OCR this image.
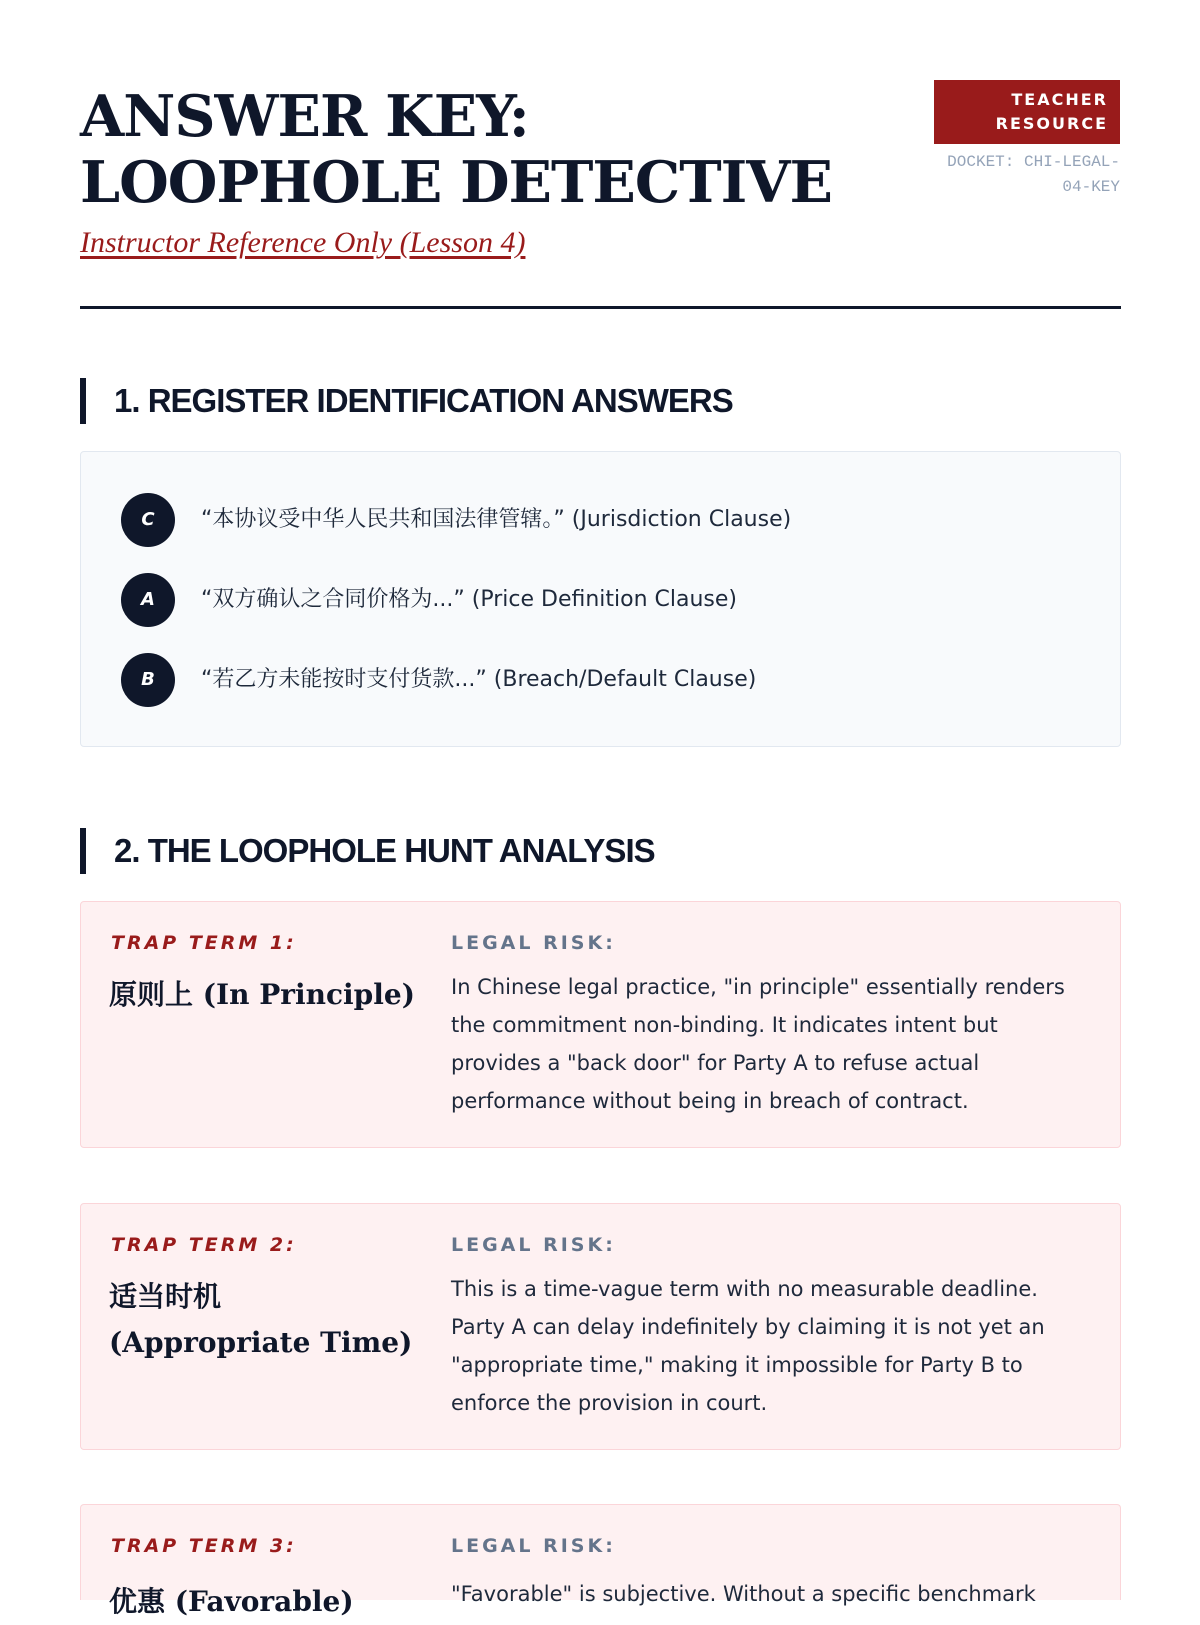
ANSWER KEY: LOOPHOLE DETECTIVE
Instructor Reference Only (Lesson 4)
TEACHER RESOURCE
DOCKET: CHI-LEGAL-04-KEY
1. REGISTER IDENTIFICATION ANSWERS
C	“本协议受中华人民共和国法律管辖。” (Jurisdiction Clause)
A	“双方确认之合同价格为...” (Price Definition Clause)
B	“若乙方未能按时支付货款...” (Breach/Default Clause)
2. THE LOOPHOLE HUNT ANALYSIS
TRAP TERM 1:
原则上 (In Principle)
LEGAL RISK:

In Chinese legal practice, "in principle" essentially renders the commitment non-binding. It indicates intent but provides a "back door" for Party A to refuse actual performance without being in breach of contract.

TRAP TERM 2:
适当时机 (Appropriate Time)
LEGAL RISK:

This is a time-vague term with no measurable deadline. Party A can delay indefinitely by claiming it is not yet an "appropriate time," making it impossible for Party B to enforce the provision in court.

TRAP TERM 3:
优惠 (Favorable)
LEGAL RISK:

"Favorable" is subjective. Without a specific benchmark
